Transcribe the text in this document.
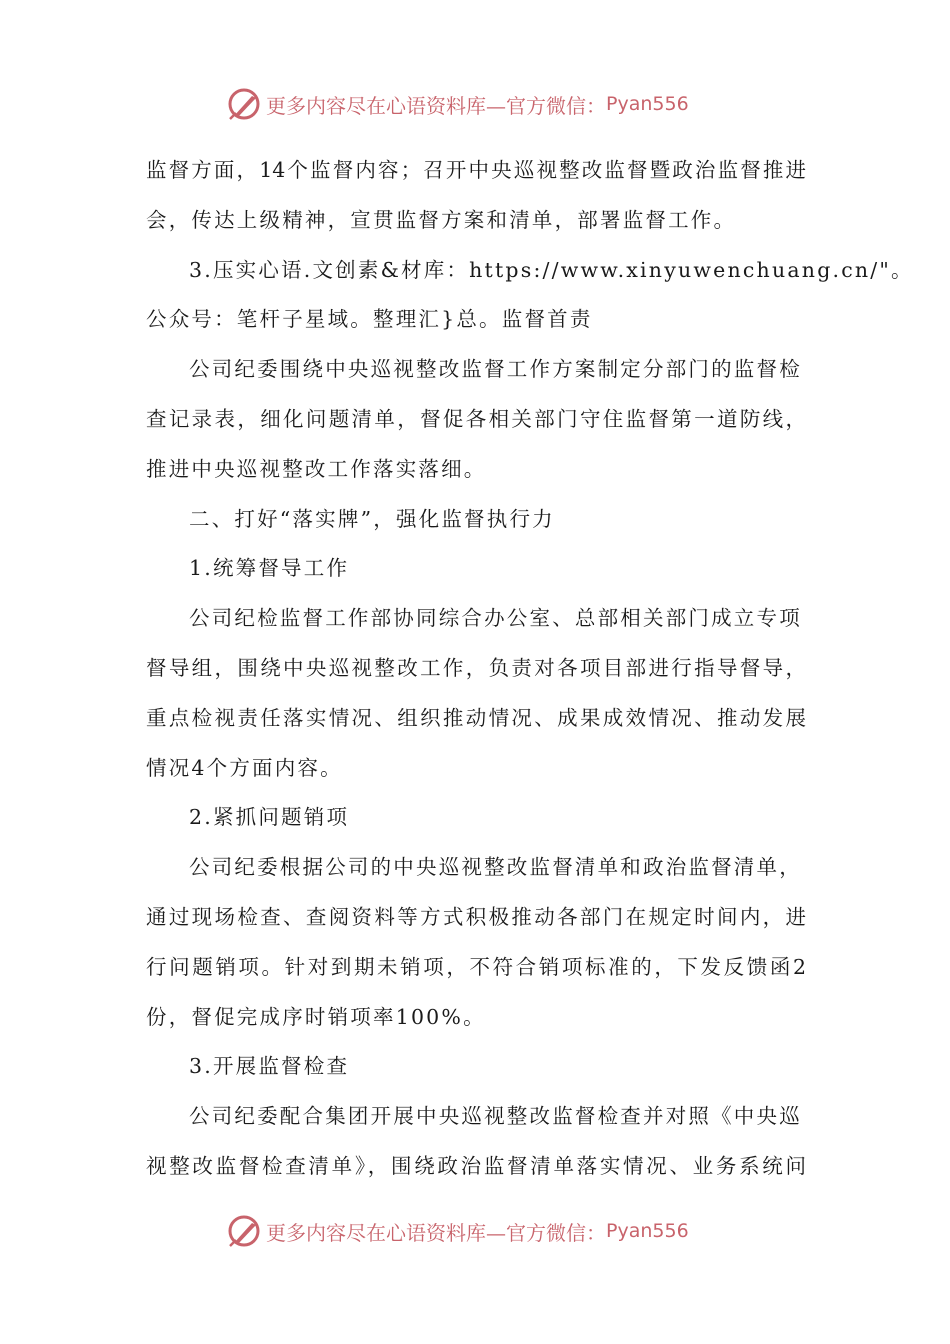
更多内容尽在心语资料库—官方微信： Pyan556
监督方面，14个监督内容；召开中央巡视整改监督暨政治监督推进
会，传达上级精神，宣贯监督方案和清单，部署监督工作。
3.压实心语.文创素&材库：https://www.xinyuwenchuang.cn/"。
公众号：笔杆子星域。整理汇}总。监督首责
公司纪委围绕中央巡视整改监督工作方案制定分部门的监督检
查记录表，细化问题清单，督促各相关部门守住监督第一道防线，
推进中央巡视整改工作落实落细。
二、打好“落实牌”，强化监督执行力
1.统筹督导工作
公司纪检监督工作部协同综合办公室、总部相关部门成立专项
督导组，围绕中央巡视整改工作，负责对各项目部进行指导督导，
重点检视责任落实情况、组织推动情况、成果成效情况、推动发展
情况4个方面内容。
2.紧抓问题销项
公司纪委根据公司的中央巡视整改监督清单和政治监督清单，
通过现场检查、查阅资料等方式积极推动各部门在规定时间内，进
行问题销项。针对到期未销项，不符合销项标准的，下发反馈函2
份，督促完成序时销项率100%。
3.开展监督检查
公司纪委配合集团开展中央巡视整改监督检查并对照《中央巡
视整改监督检查清单》，围绕政治监督清单落实情况、业务系统问
更多内容尽在心语资料库—官方微信： Pyan556
